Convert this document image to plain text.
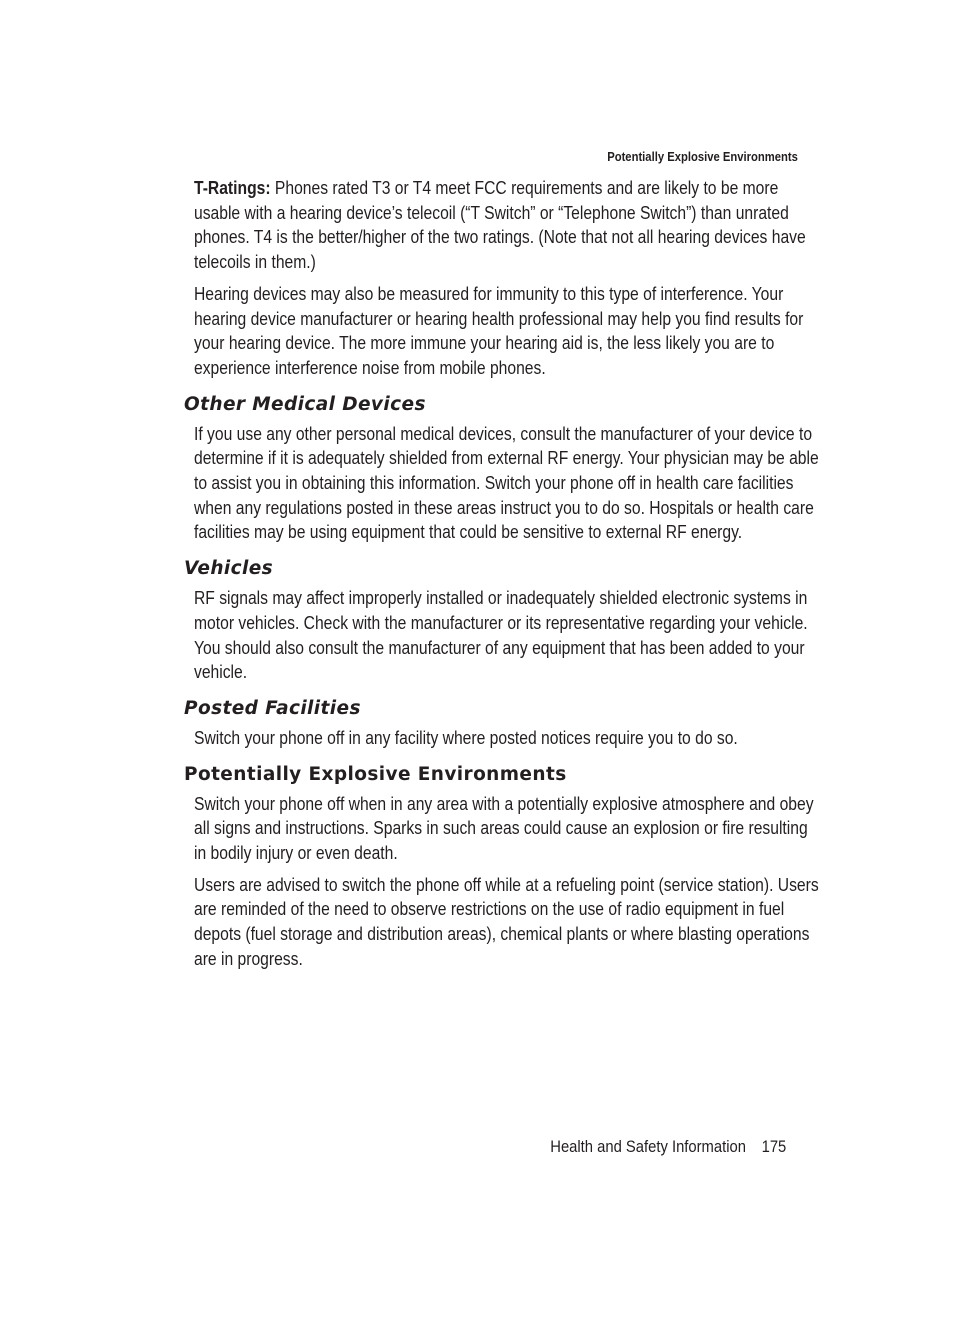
Potentially Explosive Environments

T-Ratings: Phones rated T3 or T4 meet FCC requirements and are likely to be more usable with a hearing device’s telecoil (“T Switch” or “Telephone Switch”) than unrated phones. T4 is the better/higher of the two ratings. (Note that not all hearing devices have telecoils in them.)

Hearing devices may also be measured for immunity to this type of interference. Your hearing device manufacturer or hearing health professional may help you find results for your hearing device. The more immune your hearing aid is, the less likely you are to experience interference noise from mobile phones.

Other Medical Devices

If you use any other personal medical devices, consult the manufacturer of your device to determine if it is adequately shielded from external RF energy. Your physician may be able to assist you in obtaining this information. Switch your phone off in health care facilities when any regulations posted in these areas instruct you to do so. Hospitals or health care facilities may be using equipment that could be sensitive to external RF energy.

Vehicles

RF signals may affect improperly installed or inadequately shielded electronic systems in motor vehicles. Check with the manufacturer or its representative regarding your vehicle. You should also consult the manufacturer of any equipment that has been added to your vehicle.

Posted Facilities

Switch your phone off in any facility where posted notices require you to do so.

Potentially Explosive Environments

Switch your phone off when in any area with a potentially explosive atmosphere and obey all signs and instructions. Sparks in such areas could cause an explosion or fire resulting in bodily injury or even death.

Users are advised to switch the phone off while at a refueling point (service station). Users are reminded of the need to observe restrictions on the use of radio equipment in fuel depots (fuel storage and distribution areas), chemical plants or where blasting operations are in progress.

Health and Safety Information 175
